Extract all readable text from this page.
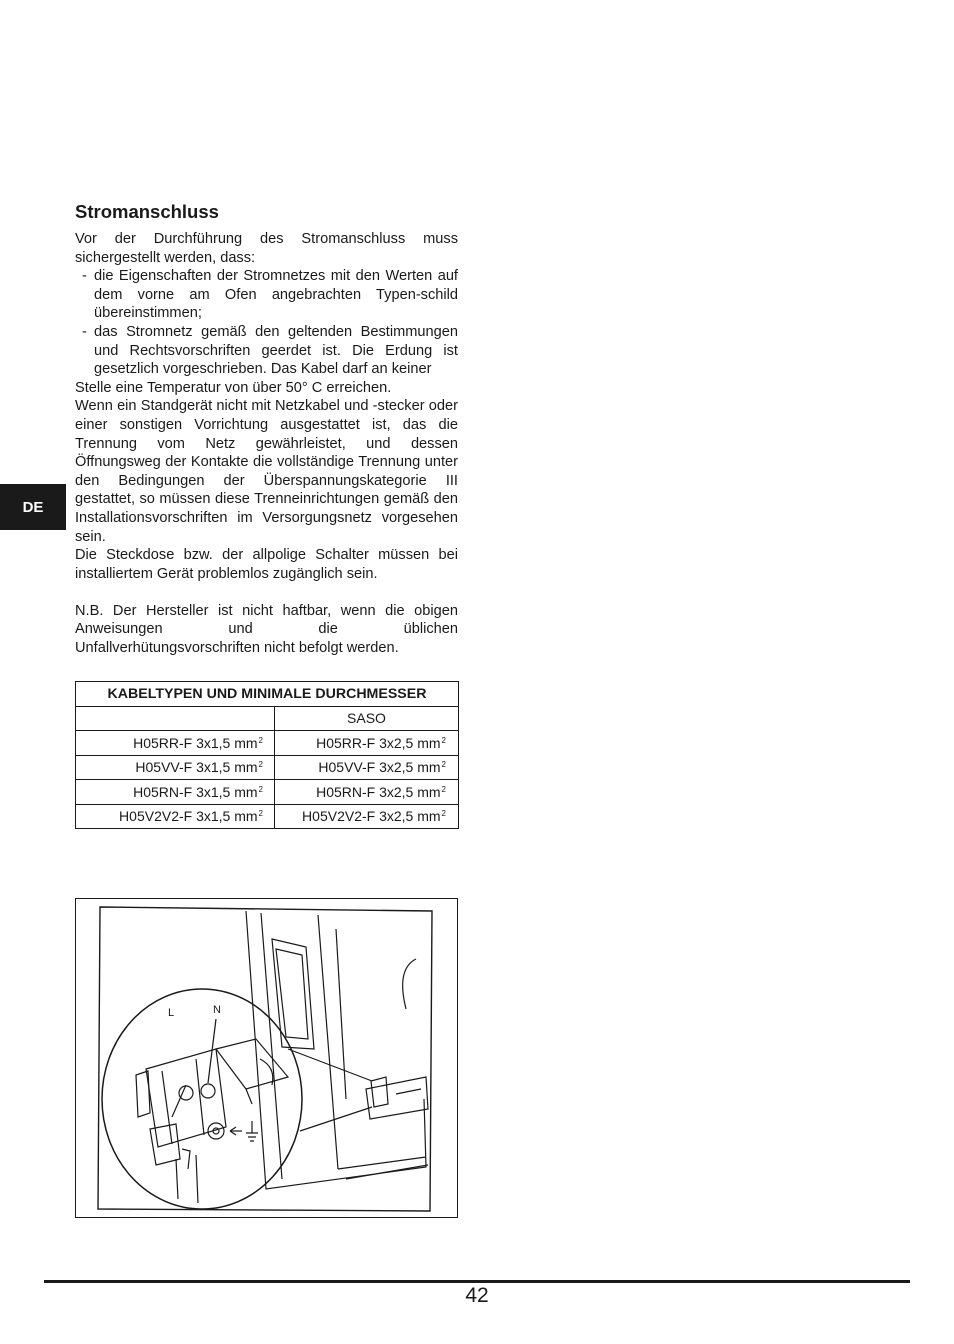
DE
Stromanschluss

Vor der Durchführung des Stromanschluss muss sichergestellt werden, dass:

- die Eigenschaften der Stromnetzes mit den Werten auf dem vorne am Ofen angebrachten Typen-schild übereinstimmen;
- das Stromnetz gemäß den geltenden Bestimmungen und Rechtsvorschriften geerdet ist. Die Erdung ist gesetzlich vorgeschrieben. Das Kabel darf an keiner

Stelle eine Temperatur von über 50° C erreichen.

Wenn ein Standgerät nicht mit Netzkabel und -stecker oder einer sonstigen Vorrichtung ausgestattet ist, das die Trennung vom Netz gewährleistet, und dessen Öffnungsweg der Kontakte die vollständige Trennung unter den Bedingungen der Überspannungskategorie III gestattet, so müssen diese Trenneinrichtungen gemäß den Installationsvorschriften im Versorgungsnetz vorgesehen sein.

Die Steckdose bzw. der allpolige Schalter müssen bei installiertem Gerät problemlos zugänglich sein.

N.B. Der Hersteller ist nicht haftbar, wenn die obigen Anweisungen und die üblichen Unfallverhütungsvorschriften nicht befolgt werden.

KABELTYPEN UND MINIMALE DURCHMESSER	
	SASO
H05RR-F 3x1,5 $mm^2$	H05RR-F 3x2,5 $mm^2$
H05VV-F 3x1,5 $mm^2$	H05VV-F 3x2,5 $mm^2$
H05RN-F 3x1,5 $mm^2$	H05RN-F 3x2,5 $mm^2$
H05V2V2-F 3x1,5 $mm^2$	H05V2V2-F 3x2,5 $mm^2$
L	N
42
